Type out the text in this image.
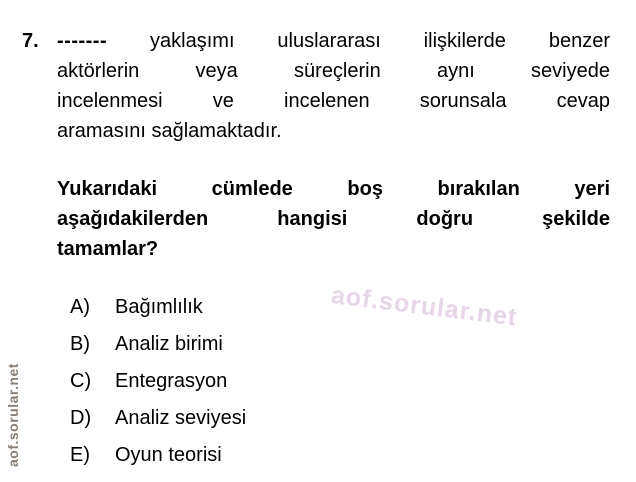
aof.sorular.net
aof.sorular.net
7. ------- yaklaşımı uluslararası ilişkilerde benzer
aktörlerin veya süreçlerin aynı seviyede
incelenmesi ve incelenen sorunsala cevap
aramasını sağlamaktadır.
Yukarıdaki cümlede boş bırakılan yeri
aşağıdakilerden hangisi doğru şekilde
tamamlar?
A)	Bağımlılık
B)	Analiz birimi
C)	Entegrasyon
D)	Analiz seviyesi
E)	Oyun teorisi
